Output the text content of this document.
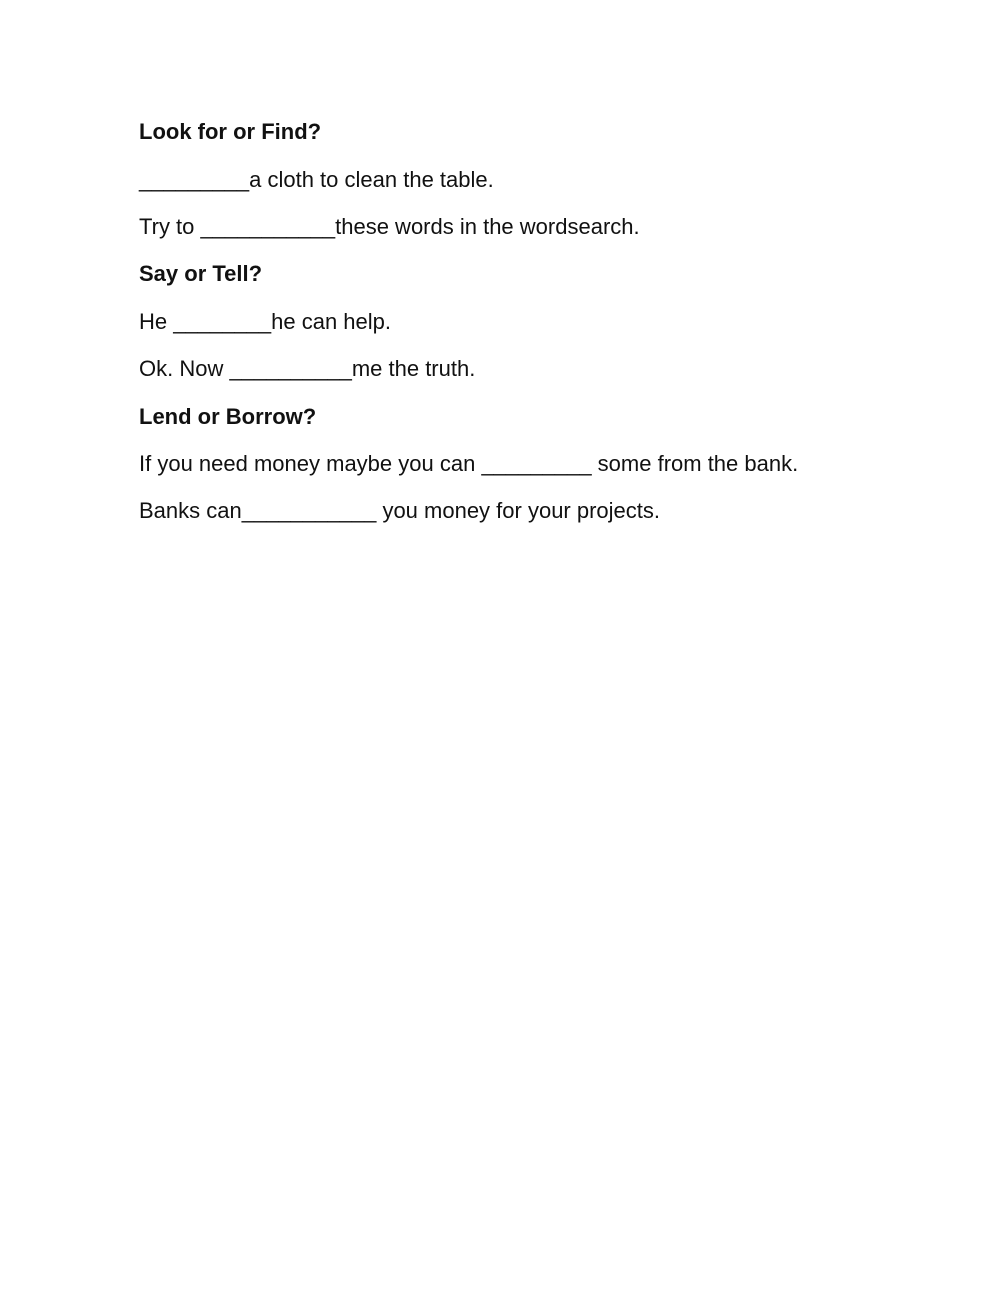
Look for or Find?

_________a cloth to clean the table.

Try to ___________these words in the wordsearch.

Say or Tell?

He ________he can help.

Ok. Now __________me the truth.

Lend or Borrow?

If you need money maybe you can _________ some from the bank.

Banks can___________ you money for your projects.
